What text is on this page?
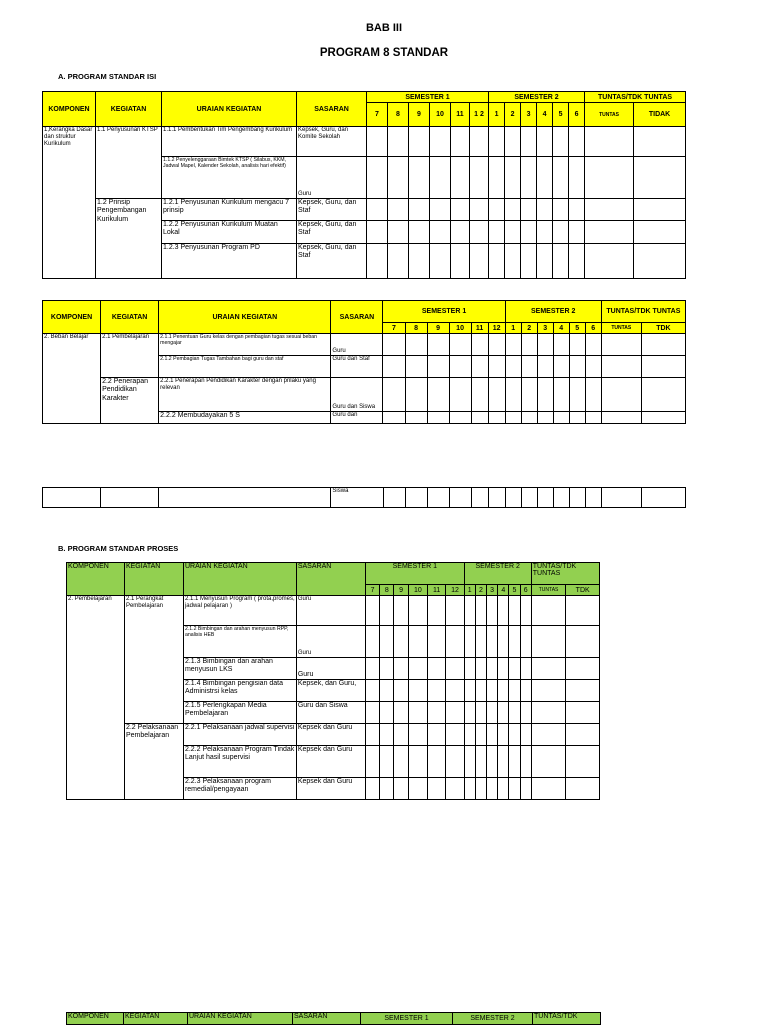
BAB III
PROGRAM 8 STANDAR
A. PROGRAM STANDAR ISI
KOMPONEN	KEGIATAN	URAIAN KEGIATAN	SASARAN	SEMESTER 1						SEMESTER 2						TUNTAS/TDK TUNTAS	
				7	8	9	10	11	1 2	1	2	3	4	5	6	TUNTAS	TIDAK
1,Kerangka Dasar dan struktur Kurikulum	1.1 Penyusunan KTSP	1.1.1 Pembentukan Tim Pengembang Kurikulum	Kepsek, Guru, dan Komite Sekolah														
		1.1.2 Penyelenggaraan Bimtek KTSP ( Silabus, KKM, Jadwal Mapel, Kalender Sekolah, analisis hari efektif)	Guru														
	1.2 Prinsip Pengembangan Kurikulum	1.2.1 Penyusunan Kurikulum mengacu 7 prinsip	Kepsek, Guru, dan Staf														
		1.2.2 Penyusunan Kurikulum Muatan Lokal	Kepsek, Guru, dan Staf														
		1.2.3 Penyusunan Program PD	Kepsek, Guru, dan Staf														
KOMPONEN	KEGIATAN	URAIAN KEGIATAN	SASARAN	SEMESTER 1						SEMESTER 2						TUNTAS/TDK TUNTAS	
				7	8	9	10	11	12	1	2	3	4	5	6	TUNTAS	TDK
2. Beban Belajar	2.1 Pembelajaran	2.1.1 Penentuan Guru kelas dengan pembagian tugas sesuai beban mengajar	Guru														
		2.1.2 Pembagian Tugas Tambahan bagi guru dan staf	Guru dan Staf														
	2.2 Penerapan Pendidikan Karakter	2.2.1 Penerapan Pendidikan Karakter dengan prilaku yang relevan	Guru dan Siswa														
		2.2.2 Membudayakan 5 S	Guru dan														
			Siswa														
B. PROGRAM STANDAR PROSES
KOMPONEN	KEGIATAN	URAIAN KEGIATAN	SASARAN	SEMESTER 1						SEMESTER 2						TUNTAS/TDK TUNTAS	
				7	8	9	10	11	12	1	2	3	4	5	6	TUNTAS	TDK
2. Pembelajaran	2.1 Perangkat Pembelajaran	2.1.1 Menyusun Program ( prota,promes, jadwal pelajaran )	Guru														
		2.1.2 Bimbingan dan arahan menyusun RPP, analisis HEB	Guru														
		2.1.3 Bimbingan dan arahan menyusun LKS	Guru														
		2.1.4 Bimbingan pengisian data Administrsi kelas	Kepsek, dan Guru,														
		2.1.5 Perlengkapan Media Pembelajaran	Guru dan Siswa														
	2.2 Pelaksanaan Pembelajaran	2.2.1 Pelaksanaan jadwal supervisi	Kepsek dan Guru														
		2.2.2 Pelaksanaan Program Tindak Lanjut hasil supervisi	Kepsek dan Guru														
		2.2.3 Pelaksanaan program remedial/pengayaan	Kepsek dan Guru														
KOMPONEN	KEGIATAN	URAIAN KEGIATAN	SASARAN	SEMESTER 1	SEMESTER 2	TUNTAS/TDK
